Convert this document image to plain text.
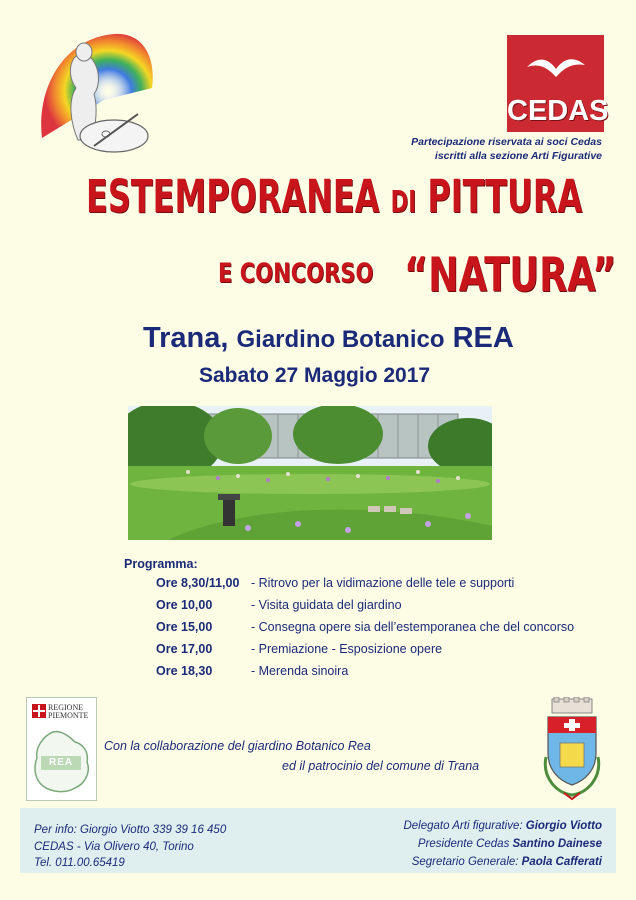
CEDAS
Partecipazione riservata ai soci Cedas
iscritti alla sezione Arti Figurative
ESTEMPORANEA DI PITTURA
E CONCORSO “NATURA”
Trana, Giardino Botanico REA
Sabato 27 Maggio 2017
Programma:
Ore 8,30/11,00 - Ritrovo per la vidimazione delle tele e supporti
Ore 10,00	- Visita guidata del giardino
Ore 15,00	- Consegna opere sia dell’estemporanea che del concorso
Ore 17,00	- Premiazione - Esposizione opere
Ore 18,30	- Merenda sinoira
REGIONE
PIEMONTE
REA
Con la collaborazione del giardino Botanico Rea
ed il patrocinio del comune di Trana
Per info: Giorgio Viotto 339 39 16 450
CEDAS - Via Olivero 40, Torino
Tel. 011.00.65419
Delegato Arti figurative: Giorgio Viotto
Presidente Cedas Santino Dainese
Segretario Generale: Paola Cafferati
